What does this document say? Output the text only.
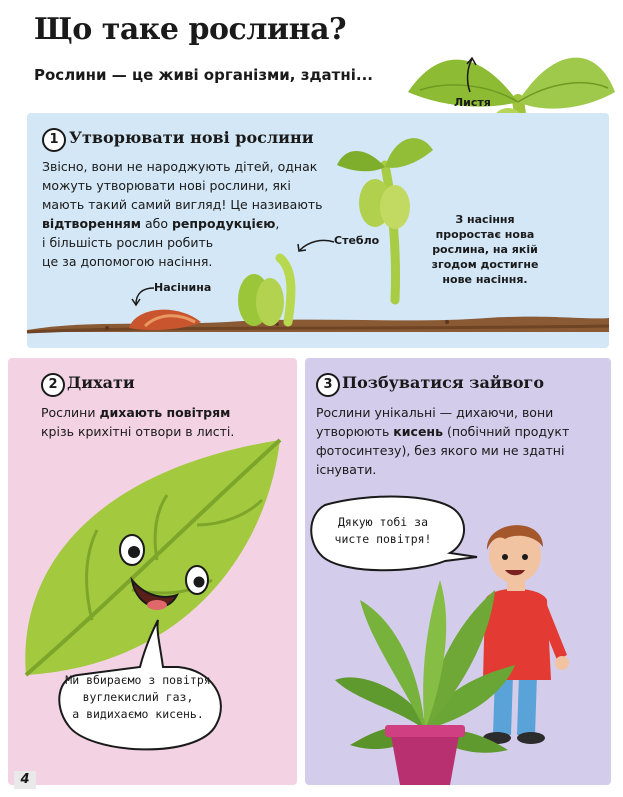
Що таке рослина?
Рослини — це живі організми, здатні...
1 Утворювати нові рослини
Звісно, вони не народжують дітей, однак
можуть утворювати нові рослини, які
мають такий самий вигляд! Це називають
відтворенням або репродукцією,
і більшість рослин робить
це за допомогою насіння.
Насінина
Стебло
З насіння
проростає нова
рослина, на якій
згодом достигне
нове насіння.
Листя
2 Дихати
Рослини дихають повітрям
крізь крихітні отвори в листі.
Ми вбираємо з повітря
вуглекислий газ,
а видихаємо кисень.
3 Позбуватися зайвого
Рослини унікальні — дихаючи, вони
утворюють кисень (побічний продукт
фотосинтезу), без якого ми не здатні
існувати.
Дякую тобі за
чисте повітря!
4
